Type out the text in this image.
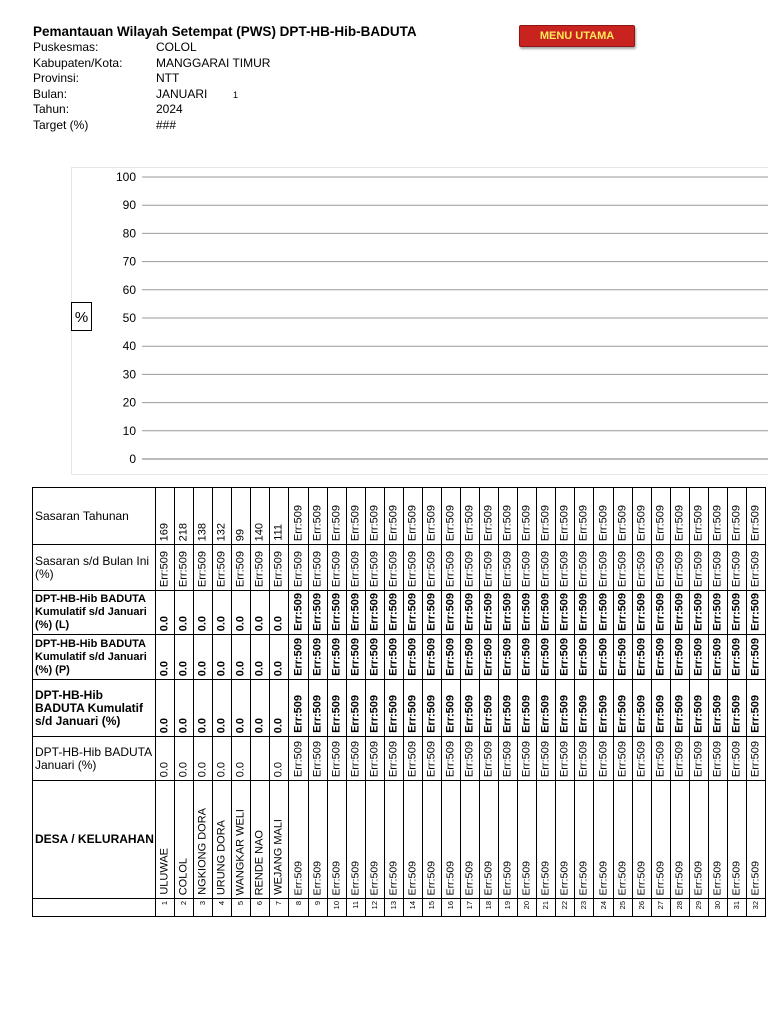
Pemantauan Wilayah Setempat (PWS) DPT-HB-Hib-BADUTA
Puskesmas:	COLOL
Kabupaten/Kota:	MANGGARAI TIMUR
Provinsi:	NTT
Bulan:	JANUARI	1
Tahun:	2024
Target (%)	###
MENU UTAMA
100
90
80
70
60
50
40
30
20
10
0
%
Sasaran Tahunan	169	218	138	132	99	140	111	Err:509	Err:509	Err:509	Err:509	Err:509	Err:509	Err:509	Err:509	Err:509	Err:509	Err:509	Err:509	Err:509	Err:509	Err:509	Err:509	Err:509	Err:509	Err:509	Err:509	Err:509	Err:509	Err:509	Err:509	Err:509

Sasaran s/d Bulan Ini (%)	Err:509	Err:509	Err:509	Err:509	Err:509	Err:509	Err:509	Err:509	Err:509	Err:509	Err:509	Err:509	Err:509	Err:509	Err:509	Err:509	Err:509	Err:509	Err:509	Err:509	Err:509	Err:509	Err:509	Err:509	Err:509	Err:509	Err:509	Err:509	Err:509	Err:509	Err:509	Err:509

DPT-HB-Hib BADUTA Kumulatif s/d Januari (%) (L)	0.0	0.0	0.0	0.0	0.0	0.0	0.0	Err:509	Err:509	Err:509	Err:509	Err:509	Err:509	Err:509	Err:509	Err:509	Err:509	Err:509	Err:509	Err:509	Err:509	Err:509	Err:509	Err:509	Err:509	Err:509	Err:509	Err:509	Err:509	Err:509	Err:509	Err:509

DPT-HB-Hib BADUTA Kumulatif s/d Januari (%) (P)	0.0	0.0	0.0	0.0	0.0	0.0	0.0	Err:509	Err:509	Err:509	Err:509	Err:509	Err:509	Err:509	Err:509	Err:509	Err:509	Err:509	Err:509	Err:509	Err:509	Err:509	Err:509	Err:509	Err:509	Err:509	Err:509	Err:509	Err:509	Err:509	Err:509	Err:509

DPT-HB-Hib BADUTA Kumulatif s/d Januari (%)	0.0	0.0	0.0	0.0	0.0	0.0	0.0	Err:509	Err:509	Err:509	Err:509	Err:509	Err:509	Err:509	Err:509	Err:509	Err:509	Err:509	Err:509	Err:509	Err:509	Err:509	Err:509	Err:509	Err:509	Err:509	Err:509	Err:509	Err:509	Err:509	Err:509	Err:509

DPT-HB-Hib BADUTA Januari (%)	0.0	0.0	0.0	0.0	0.0		0.0	Err:509	Err:509	Err:509	Err:509	Err:509	Err:509	Err:509	Err:509	Err:509	Err:509	Err:509	Err:509	Err:509	Err:509	Err:509	Err:509	Err:509	Err:509	Err:509	Err:509	Err:509	Err:509	Err:509	Err:509	Err:509

DESA / KELURAHAN	ULUWAE	COLOL	NGKIONG DORA	URUNG DORA	WANGKAR WELI	RENDE NAO	WEJANG MALI	Err:509	Err:509	Err:509	Err:509	Err:509	Err:509	Err:509	Err:509	Err:509	Err:509	Err:509	Err:509	Err:509	Err:509	Err:509	Err:509	Err:509	Err:509	Err:509	Err:509	Err:509	Err:509	Err:509	Err:509	Err:509

	1	2	3	4	5	6	7	8	9	10	11	12	13	14	15	16	17	18	19	20	21	22	23	24	25	26	27	28	29	30	31	32
